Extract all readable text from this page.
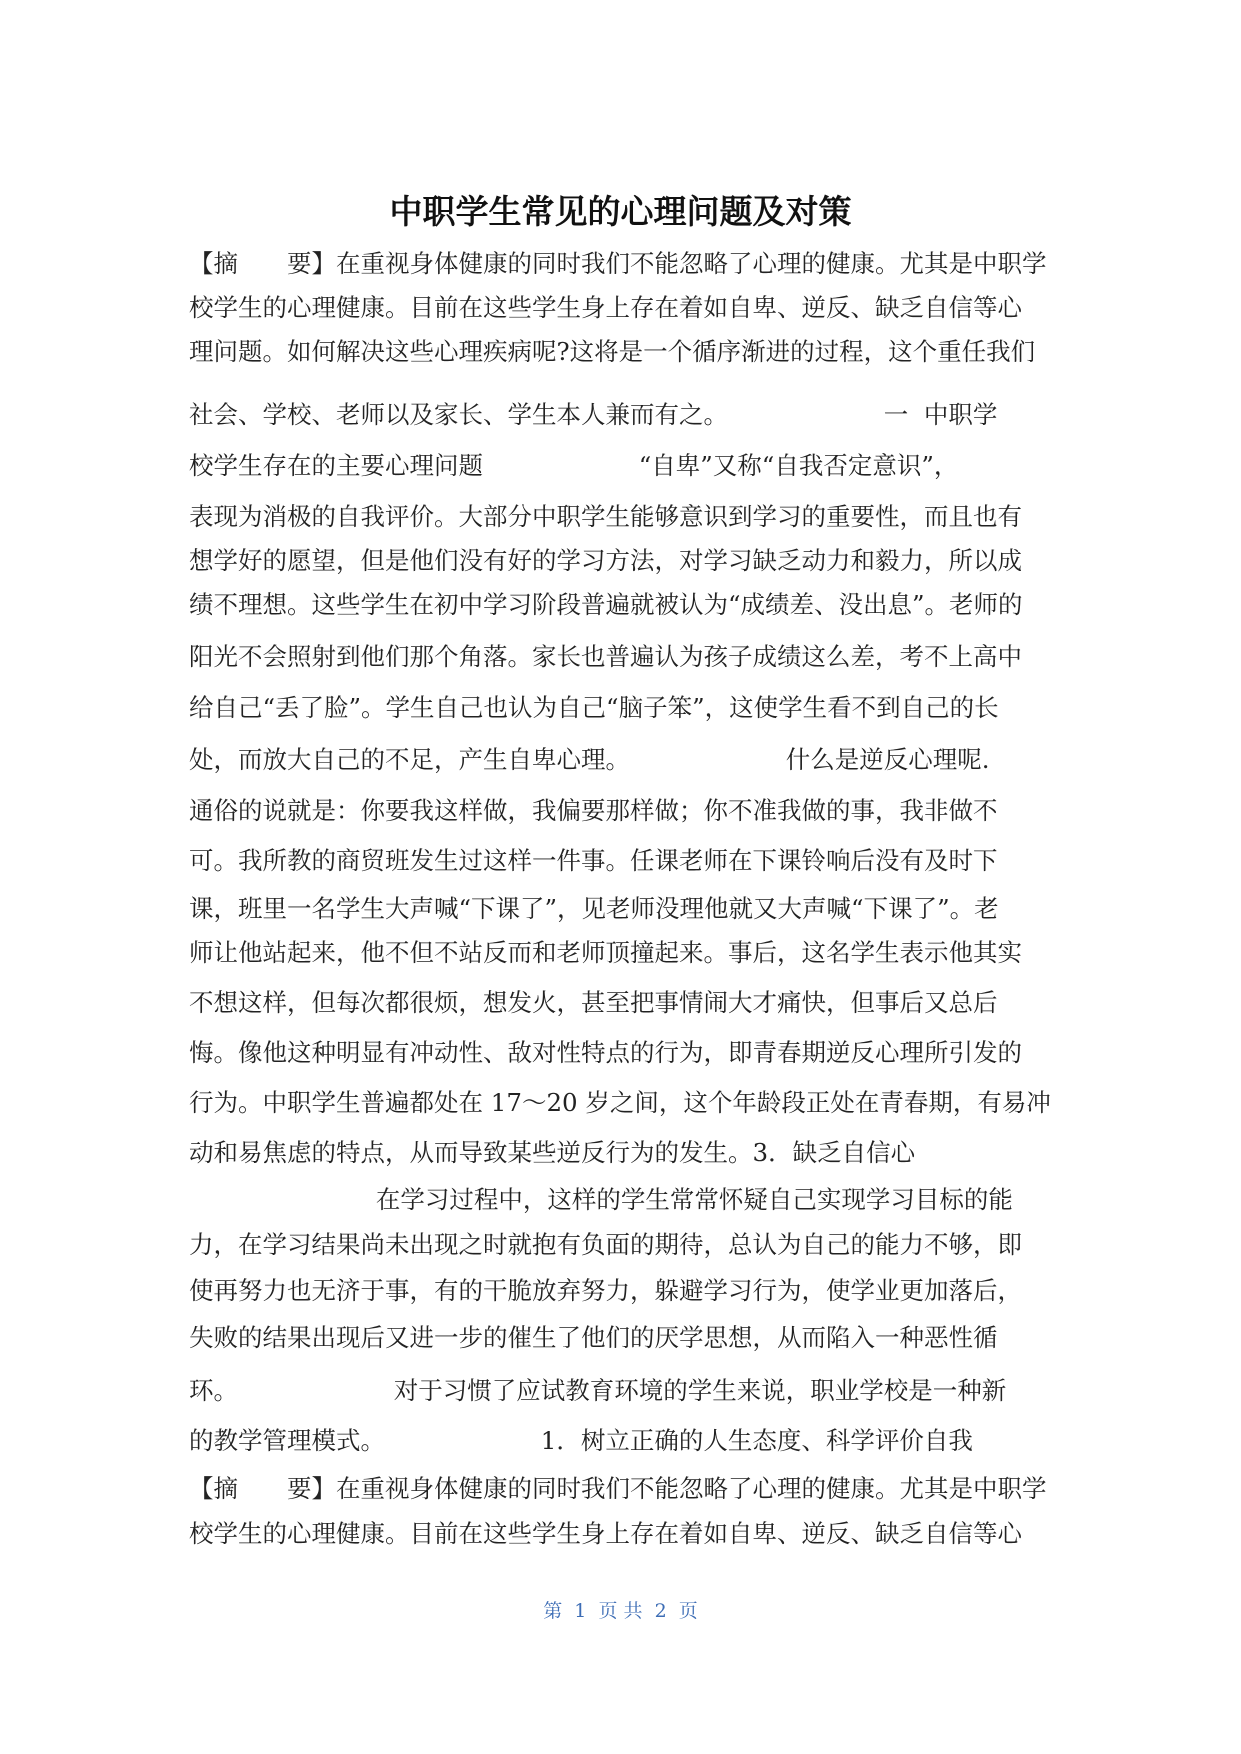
中职学生常见的心理问题及对策
【摘　　要】在重视身体健康的同时我们不能忽略了心理的健康。尤其是中职学
校学生的心理健康。目前在这些学生身上存在着如自卑、逆反、缺乏自信等心
理问题。如何解决这些心理疾病呢?这将是一个循序渐进的过程，这个重任我们
社会、学校、老师以及家长、学生本人兼而有之。                    一  中职学
校学生存在的主要心理问题                    “自卑”又称“自我否定意识”，
表现为消极的自我评价。大部分中职学生能够意识到学习的重要性，而且也有
想学好的愿望，但是他们没有好的学习方法，对学习缺乏动力和毅力，所以成
绩不理想。这些学生在初中学习阶段普遍就被认为“成绩差、没出息”。老师的
阳光不会照射到他们那个角落。家长也普遍认为孩子成绩这么差，考不上高中
给自己“丢了脸”。学生自己也认为自己“脑子笨”，这使学生看不到自己的长
处，而放大自己的不足，产生自卑心理。                    什么是逆反心理呢.
通俗的说就是：你要我这样做，我偏要那样做；你不准我做的事，我非做不
可。我所教的商贸班发生过这样一件事。任课老师在下课铃响后没有及时下
课，班里一名学生大声喊“下课了”，见老师没理他就又大声喊“下课了”。老
师让他站起来，他不但不站反而和老师顶撞起来。事后，这名学生表示他其实
不想这样，但每次都很烦，想发火，甚至把事情闹大才痛快，但事后又总后
悔。像他这种明显有冲动性、敌对性特点的行为，即青春期逆反心理所引发的
行为。中职学生普遍都处在 17～20 岁之间，这个年龄段正处在青春期，有易冲
动和易焦虑的特点，从而导致某些逆反行为的发生。3．缺乏自信心
在学习过程中，这样的学生常常怀疑自己实现学习目标的能
力，在学习结果尚未出现之时就抱有负面的期待，总认为自己的能力不够，即
使再努力也无济于事，有的干脆放弃努力，躲避学习行为，使学业更加落后，
失败的结果出现后又进一步的催生了他们的厌学思想，从而陷入一种恶性循
环。                    对于习惯了应试教育环境的学生来说，职业学校是一种新
的教学管理模式。                    1．树立正确的人生态度、科学评价自我
【摘　　要】在重视身体健康的同时我们不能忽略了心理的健康。尤其是中职学
校学生的心理健康。目前在这些学生身上存在着如自卑、逆反、缺乏自信等心
第  1  页 共  2  页
